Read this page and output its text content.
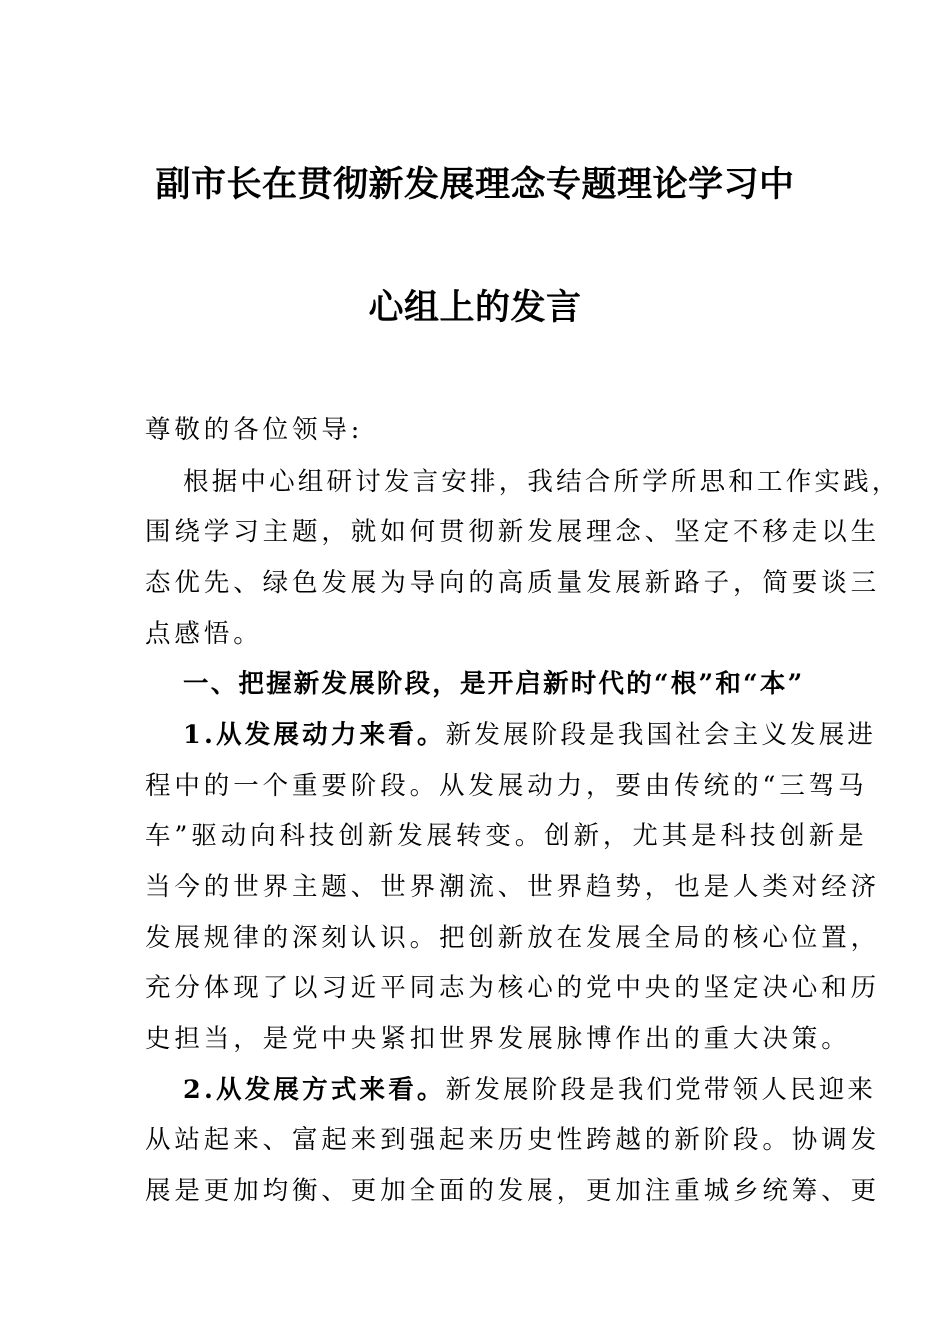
副市长在贯彻新发展理念专题理论学习中
心组上的发言
尊敬的各位领导:
根据中心组研讨发言安排，我结合所学所思和工作实践，
围绕学习主题，就如何贯彻新发展理念、坚定不移走以生
态优先、绿色发展为导向的高质量发展新路子，简要谈三
点感悟。
一、把握新发展阶段，是开启新时代的“根”和“本”
1.从发展动力来看。新发展阶段是我国社会主义发展进
程中的一个重要阶段。从发展动力，要由传统的“三驾马
车”驱动向科技创新发展转变。创新，尤其是科技创新是
当今的世界主题、世界潮流、世界趋势，也是人类对经济
发展规律的深刻认识。把创新放在发展全局的核心位置，
充分体现了以习近平同志为核心的党中央的坚定决心和历
史担当，是党中央紧扣世界发展脉博作出的重大决策。
2.从发展方式来看。新发展阶段是我们党带领人民迎来
从站起来、富起来到强起来历史性跨越的新阶段。协调发
展是更加均衡、更加全面的发展，更加注重城乡统筹、更
